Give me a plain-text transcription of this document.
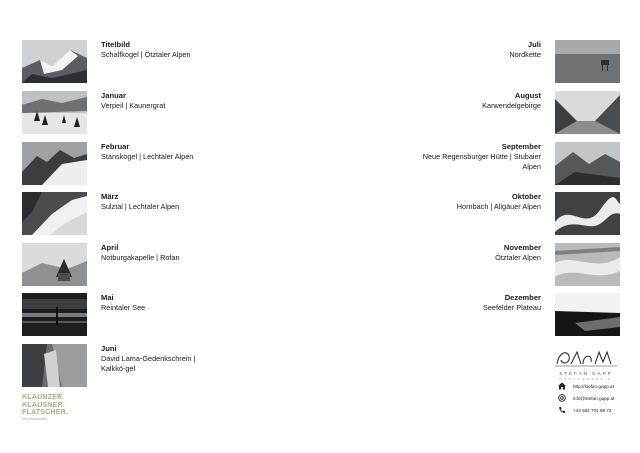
Titelbild
Schalfkogel | Ötztaler Alpen
Januar
Verpeil | Kaunergrat
Februar
Stanskogel | Lechtaler Alpen
März
Sulztal | Lechtaler Alpen
April
Notburgakapelle | Rofan
Mai
Reintaler See
Juni
David Lama-Gedenkschrein | Kalkkö-gel
Juli
Nordkette
August
Karwendelgebirge
September
Neue Regensburger Hütte | Stubaier Alpen
Oktober
Hornbach | Allgäuer Alpen
November
Ötztaler Alpen
Dezember
Seefelder Plateau
KLAUNZER.
KLAUSNER.
FLATSCHER.
Rechtsanwälte
STEFAN GAPP
PHOTOGRAPHIE
http://stefan-gapp.at
info@stefan-gapp.at
+43 664 701 88 72
